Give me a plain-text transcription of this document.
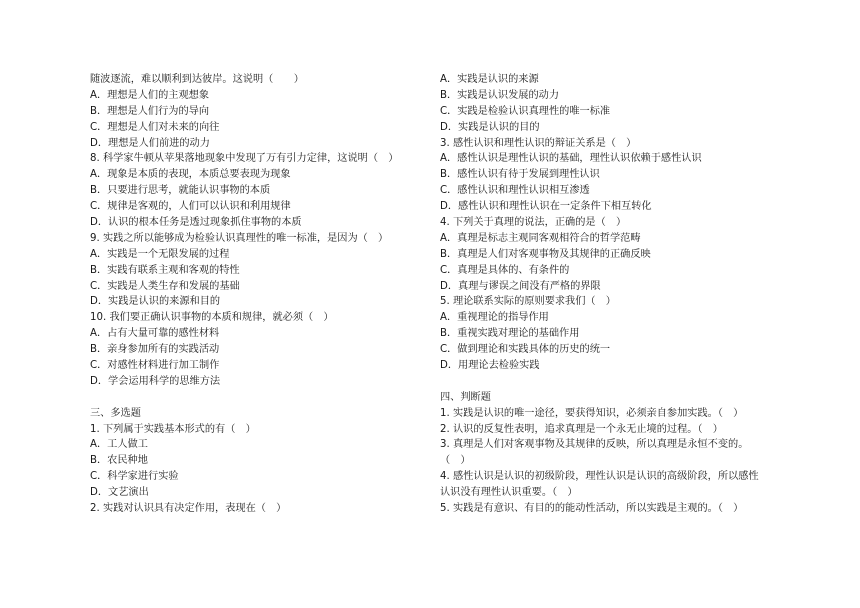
随波逐流，难以顺利到达彼岸。这说明（　　）
A．理想是人们的主观想象
B．理想是人们行为的导向
C．理想是人们对未来的向往
D．理想是人们前进的动力
8. 科学家牛顿从苹果落地现象中发现了万有引力定律，这说明（　）
A．现象是本质的表现，本质总要表现为现象
B．只要进行思考，就能认识事物的本质
C．规律是客观的，人们可以认识和利用规律
D．认识的根本任务是透过现象抓住事物的本质
9. 实践之所以能够成为检验认识真理性的唯一标准，是因为（　）
A．实践是一个无限发展的过程
B．实践有联系主观和客观的特性
C．实践是人类生存和发展的基础
D．实践是认识的来源和目的
10. 我们要正确认识事物的本质和规律，就必须（　）
A．占有大量可靠的感性材料
B．亲身参加所有的实践活动
C．对感性材料进行加工制作
D．学会运用科学的思维方法
三、多选题
1. 下列属于实践基本形式的有（　）
A．工人做工
B．农民种地
C．科学家进行实验
D．文艺演出
2. 实践对认识具有决定作用，表现在（　）
A．实践是认识的来源
B．实践是认识发展的动力
C．实践是检验认识真理性的唯一标准
D．实践是认识的目的
3. 感性认识和理性认识的辩证关系是（　）
A．感性认识是理性认识的基础，理性认识依赖于感性认识
B．感性认识有待于发展到理性认识
C．感性认识和理性认识相互渗透
D．感性认识和理性认识在一定条件下相互转化
4. 下列关于真理的说法，正确的是（　）
A．真理是标志主观同客观相符合的哲学范畴
B．真理是人们对客观事物及其规律的正确反映
C．真理是具体的、有条件的
D．真理与谬误之间没有严格的界限
5. 理论联系实际的原则要求我们（　）
A．重视理论的指导作用
B．重视实践对理论的基础作用
C．做到理论和实践具体的历史的统一
D．用理论去检验实践
四、判断题
1. 实践是认识的唯一途径，要获得知识，必须亲自参加实践。（　）
2. 认识的反复性表明，追求真理是一个永无止境的过程。（　）
3. 真理是人们对客观事物及其规律的反映，所以真理是永恒不变的。
（　）
4. 感性认识是认识的初级阶段，理性认识是认识的高级阶段，所以感性
认识没有理性认识重要。（　）
5. 实践是有意识、有目的的能动性活动，所以实践是主观的。（　）
